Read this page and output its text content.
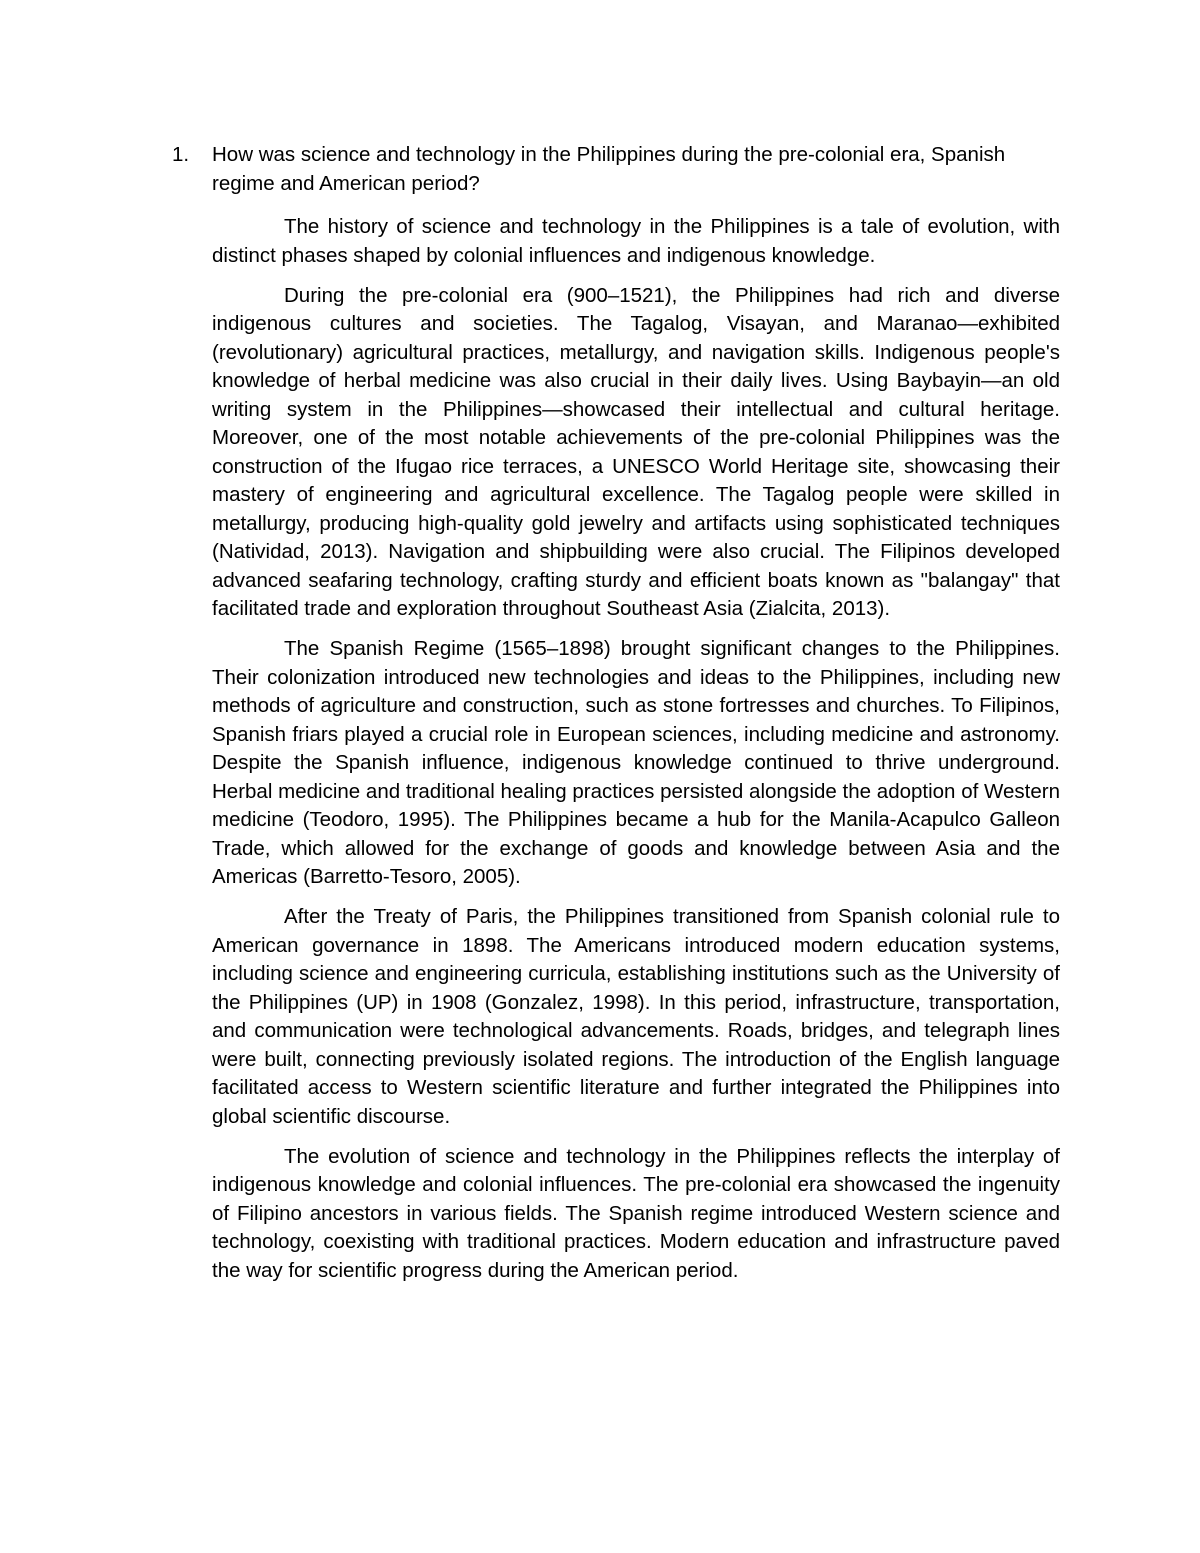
1.	How was science and technology in the Philippines during the pre-colonial era, Spanish regime and American period?

The history of science and technology in the Philippines is a tale of evolution, with distinct phases shaped by colonial influences and indigenous knowledge.

During the pre-colonial era (900–1521), the Philippines had rich and diverse indigenous cultures and societies. The Tagalog, Visayan, and Maranao—exhibited (revolutionary) agricultural practices, metallurgy, and navigation skills. Indigenous people's knowledge of herbal medicine was also crucial in their daily lives. Using Baybayin—an old writing system in the Philippines—showcased their intellectual and cultural heritage. Moreover, one of the most notable achievements of the pre-colonial Philippines was the construction of the Ifugao rice terraces, a UNESCO World Heritage site, showcasing their mastery of engineering and agricultural excellence. The Tagalog people were skilled in metallurgy, producing high-quality gold jewelry and artifacts using sophisticated techniques (Natividad, 2013). Navigation and shipbuilding were also crucial. The Filipinos developed advanced seafaring technology, crafting sturdy and efficient boats known as "balangay" that facilitated trade and exploration throughout Southeast Asia (Zialcita, 2013).

The Spanish Regime (1565–1898) brought significant changes to the Philippines. Their colonization introduced new technologies and ideas to the Philippines, including new methods of agriculture and construction, such as stone fortresses and churches. To Filipinos, Spanish friars played a crucial role in European sciences, including medicine and astronomy. Despite the Spanish influence, indigenous knowledge continued to thrive underground. Herbal medicine and traditional healing practices persisted alongside the adoption of Western medicine (Teodoro, 1995). The Philippines became a hub for the Manila-Acapulco Galleon Trade, which allowed for the exchange of goods and knowledge between Asia and the Americas (Barretto-Tesoro, 2005).

After the Treaty of Paris, the Philippines transitioned from Spanish colonial rule to American governance in 1898. The Americans introduced modern education systems, including science and engineering curricula, establishing institutions such as the University of the Philippines (UP) in 1908 (Gonzalez, 1998). In this period, infrastructure, transportation, and communication were technological advancements. Roads, bridges, and telegraph lines were built, connecting previously isolated regions. The introduction of the English language facilitated access to Western scientific literature and further integrated the Philippines into global scientific discourse.

The evolution of science and technology in the Philippines reflects the interplay of indigenous knowledge and colonial influences. The pre-colonial era showcased the ingenuity of Filipino ancestors in various fields. The Spanish regime introduced Western science and technology, coexisting with traditional practices. Modern education and infrastructure paved the way for scientific progress during the American period.
